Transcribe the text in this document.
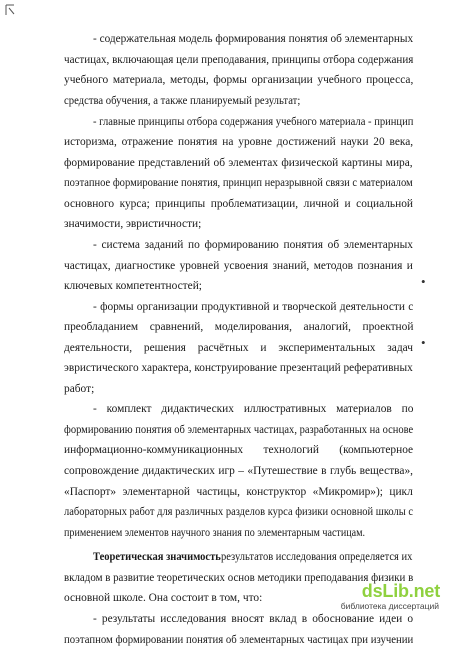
- содержательная модель формирования понятия об элементарных
частицах, включающая цели преподавания, принципы отбора содержания
учебного материала, методы, формы организации учебного процесса,
средства обучения, а также планируемый результат;
- главные принципы отбора содержания учебного материала - принцип
историзма, отражение понятия на уровне достижений науки 20 века,
формирование представлений об элементах физической картины мира,
поэтапное формирование понятия, принцип неразрывной связи с материалом
основного курса; принципы проблематизации, личной и социальной
значимости, эвристичности;
- система заданий по формированию понятия об элементарных
частицах, диагностике уровней усвоения знаний, методов познания и
ключевых компетентностей;
- формы организации продуктивной и творческой деятельности с
преобладанием сравнений, моделирования, аналогий, проектной
деятельности, решения расчётных и экспериментальных задач
эвристического характера, конструирование презентаций реферативных
работ;
- комплект дидактических иллюстративных материалов по
формированию понятия об элементарных частицах, разработанных на основе
информационно-коммуникационных технологий (компьютерное
сопровождение дидактических игр – «Путешествие в глубь вещества»,
«Паспорт» элементарной частицы, конструктор «Микромир»); цикл
лабораторных работ для различных разделов курса физики основной школы с
применением элементов научного знания по элементарным частицам.
Теоретическая значимость результатов исследования определяется их
вкладом в развитие теоретических основ методики преподавания физики в
основной школе. Она состоит в том, что:
- результаты исследования вносят вклад в обоснование идеи о
поэтапном формировании понятия об элементарных частицах при изучении
•
•
dsLib.net
библиотека диссертаций
